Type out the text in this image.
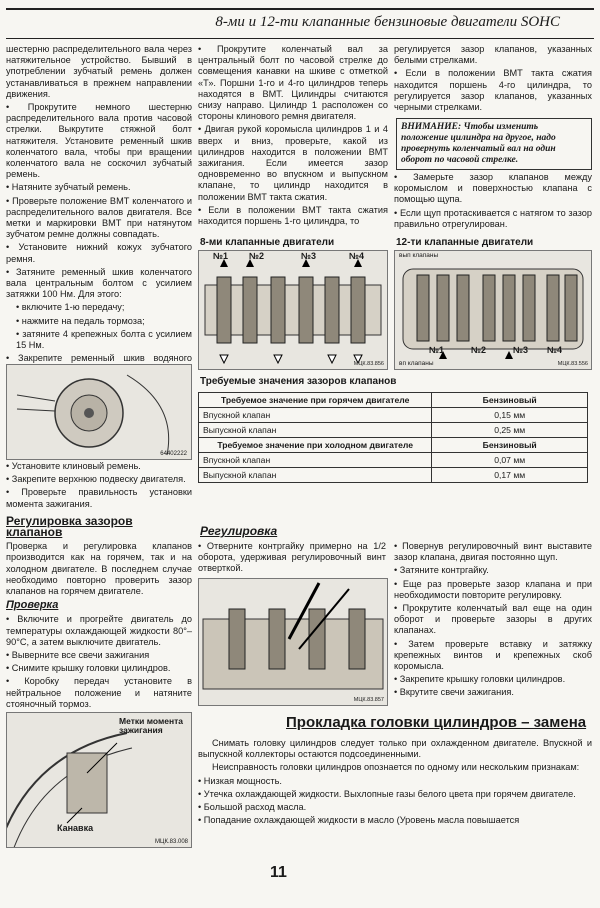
8-ми и 12-ти клапанные бензиновые двигатели SOHC

шестерню распределительного вала через натяжительное устройство. Бывший в употреблении зубчатый ремень должен устанавливаться в прежнем направлении движения.

• Прокрутите немного шестерню распределительного вала против часовой стрелки. Выкрутите стяжной болт натяжителя. Установите ременный шкив коленчатого вала, чтобы при вращении коленчатого вала не соскочил зубчатый ремень.

• Натяните зубчатый ремень.

• Проверьте положение ВМТ коленчатого и распределительного валов двигателя. Все метки и маркировки ВМТ при натянутом зубчатом ремне должны совпадать.

• Установите нижний кожух зубчатого ремня.

• Затяните ременный шкив коленчатого вала центральным болтом с усилием затяжки 100 Нм. Для этого:

• включите 1-ю передачу;

• нажмите на педаль тормоза;

• затяните 4 крепежных болта с усилием 15 Нм.

• Закрепите ременный шкив водяного

64402222

• Установите клиновый ремень.

• Закрепите верхнюю подвеску двигателя.

• Проверьте правильность установки момента зажигания.

Регулировка зазоров клапанов

Проверка и регулировка клапанов производится как на горячем, так и на холодном двигателе. В последнем случае необходимо повторно проверить зазор клапанов на горячем двигателе.

Проверка

• Включите и прогрейте двигатель до температуры охлаждающей жидкости 80°–90°С, а затем выключите двигатель.

• Выверните все свечи зажигания

• Снимите крышку головки цилиндров.

• Коробку передач установите в нейтральное положение и натяните стояночный тормоз.

Метки момента зажигания
Канавка
МЦК.83.008

• Прокрутите коленчатый вал за центральный болт по часовой стрелке до совмещения канавки на шкиве с отметкой «Т». Поршни 1-го и 4-го цилиндров теперь находятся в ВМТ. Цилиндры считаются снизу направо. Цилиндр 1 расположен со стороны клинового ремня двигателя.

• Двигая рукой коромысла цилиндров 1 и 4 вверх и вниз, проверьте, какой из цилиндров находится в положении ВМТ зажигания. Если имеется зазор одновременно во впускном и выпускном клапане, то цилиндр находится в положении ВМТ такта сжатия.

• Если в положении ВМТ такта сжатия находится поршень 1-го цилиндра, то

регулируется зазор клапанов, указанных белыми стрелками.

• Если в положении ВМТ такта сжатия находится поршень 4-го цилиндра, то регулируется зазор клапанов, указанных черными стрелками.

ВНИМАНИЕ: Чтобы изменить положение цилиндра на другое, надо провернуть коленчатый вал на один оборот по часовой стрелке.

• Замерьте зазор клапанов между коромыслом и поверхностью клапана с помощью щупа.

• Если щуп протаскивается с натягом то зазор правильно отрегулирован.

8-ми клапанные двигатели
№1 №2	№3	№4
МЦК.83.856
12-ти клапанные двигатели
вып клапаны
вп клапаны
№1	№2	№3 №4
МЦК.83.556
Требуемые значения зазоров клапанов
Требуемое значение при горячем двигателе	Бензиновый
Впускной клапан	0,15 мм
Выпускной клапан	0,25 мм
Требуемое значение при холодном двигателе	Бензиновый
Впускной клапан	0,07 мм
Выпускной клапан	0,17 мм
Регулировка

• Отверните контргайку примерно на 1/2 оборота, удерживая регулировочный винт отверткой.

МЦК.83.857

• Повернув регулировочный винт выставите зазор клапана, двигая постоянно щуп.

• Затяните контргайку.

• Еще раз проверьте зазор клапана и при необходимости повторите регулировку.

• Прокрутите коленчатый вал еще на один оборот и проверьте зазоры в других клапанах.

• Затем проверьте вставку и затяжку крепежных винтов и крепежных скоб коромысла.

• Закрепите крышку головки цилиндров.

• Вкрутите свечи зажигания.

Прокладка головки цилиндров – замена

Снимать головку цилиндров следует только при охлажденном двигателе. Впускной и выпускной коллекторы остаются подсоединенными.

Неисправность головки цилиндров опознается по одному или нескольким признакам:

• Низкая мощность.

• Утечка охлаждающей жидкости. Выхлопные газы белого цвета при горячем двигателе.

• Большой расход масла.

• Попадание охлаждающей жидкости в масло (Уровень масла повышается

11
